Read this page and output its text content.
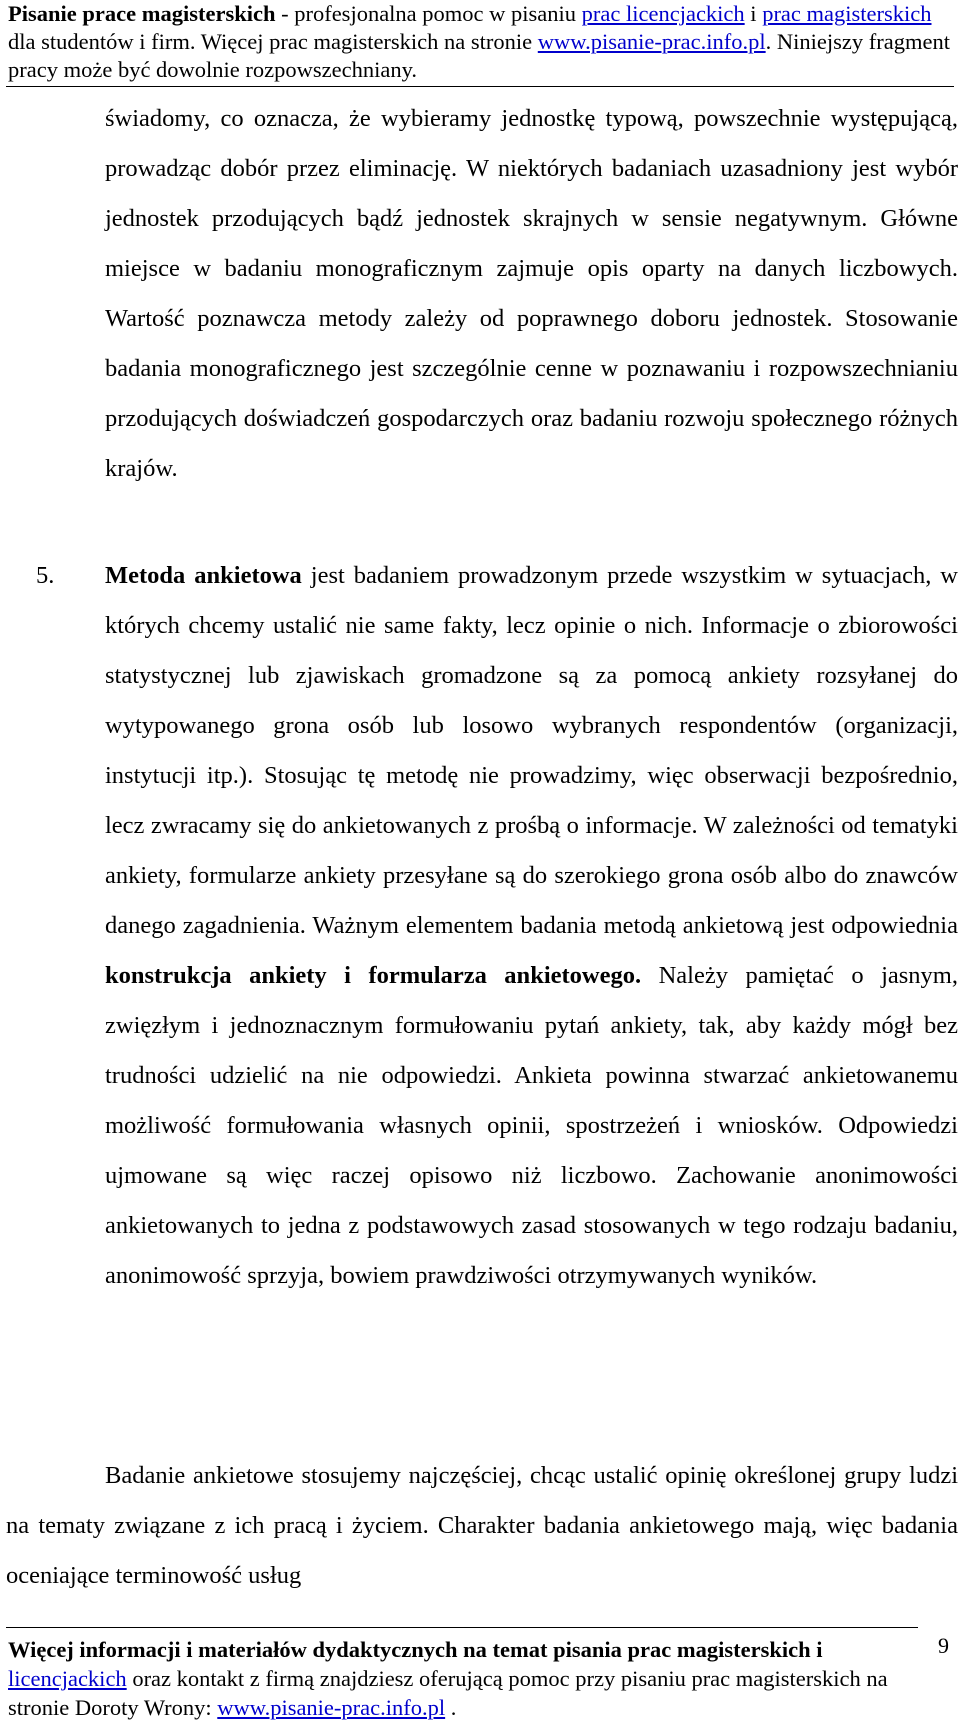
Pisanie prace magisterskich - profesjonalna pomoc w pisaniu prac licencjackich i prac magisterskich dla studentów i firm. Więcej prac magisterskich na stronie www.pisanie-prac.info.pl. Niniejszy fragment pracy może być dowolnie rozpowszechniany.
świadomy, co oznacza, że wybieramy jednostkę typową, powszechnie występującą, prowadząc dobór przez eliminację. W niektórych badaniach uzasadniony jest wybór jednostek przodujących bądź jednostek skrajnych w sensie negatywnym. Główne miejsce w badaniu monograficznym zajmuje opis oparty na danych liczbowych. Wartość poznawcza metody zależy od poprawnego doboru jednostek. Stosowanie badania monograficznego jest szczególnie cenne w poznawaniu i rozpowszechnianiu przodujących doświadczeń gospodarczych oraz badaniu rozwoju społecznego różnych krajów.
5.	Metoda ankietowa jest badaniem prowadzonym przede wszystkim w sytuacjach, w których chcemy ustalić nie same fakty, lecz opinie o nich. Informacje o zbiorowości statystycznej lub zjawiskach gromadzone są za pomocą ankiety rozsyłanej do wytypowanego grona osób lub losowo wybranych respondentów (organizacji, instytucji itp.). Stosując tę metodę nie prowadzimy, więc obserwacji bezpośrednio, lecz zwracamy się do ankietowanych z prośbą o informacje. W zależności od tematyki ankiety, formularze ankiety przesyłane są do szerokiego grona osób albo do znawców danego zagadnienia. Ważnym elementem badania metodą ankietową jest odpowiednia konstrukcja ankiety i formularza ankietowego. Należy pamiętać o jasnym, zwięzłym i jednoznacznym formułowaniu pytań ankiety, tak, aby każdy mógł bez trudności udzielić na nie odpowiedzi. Ankieta powinna stwarzać ankietowanemu możliwość formułowania własnych opinii, spostrzeżeń i wniosków. Odpowiedzi ujmowane są więc raczej opisowo niż liczbowo. Zachowanie anonimowości ankietowanych to jedna z podstawowych zasad stosowanych w tego rodzaju badaniu, anonimowość sprzyja, bowiem prawdziwości otrzymywanych wyników.
Badanie ankietowe stosujemy najczęściej, chcąc ustalić opinię określonej grupy ludzi na tematy związane z ich pracą i życiem. Charakter badania ankietowego mają, więc badania oceniające terminowość usług
Więcej informacji i materiałów dydaktycznych na temat pisania prac magisterskich i licencjackich oraz kontakt z firmą znajdziesz oferującą pomoc przy pisaniu prac magisterskich na stronie Doroty Wrony: www.pisanie-prac.info.pl .
9
